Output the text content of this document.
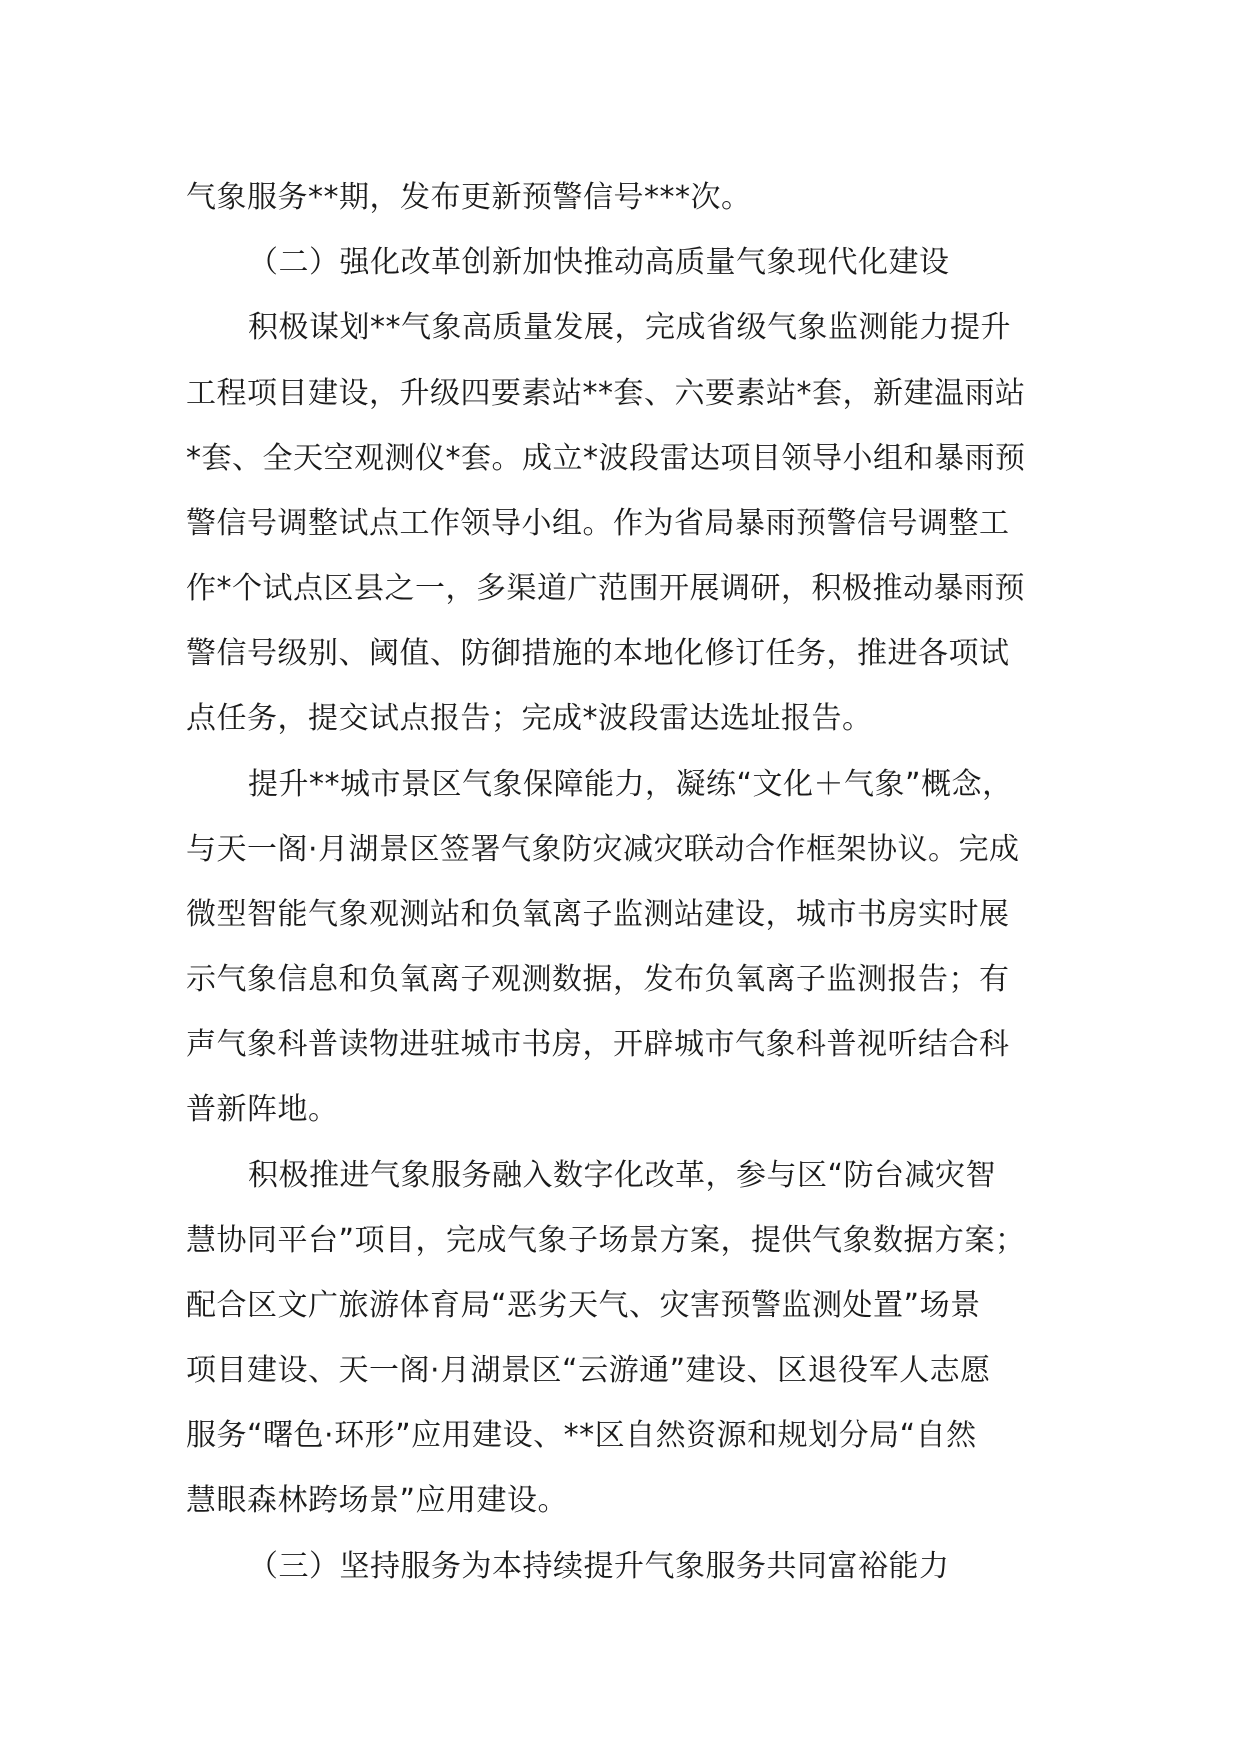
气象服务**期，发布更新预警信号***次。
（二）强化改革创新加快推动高质量气象现代化建设
积极谋划**气象高质量发展，完成省级气象监测能力提升
工程项目建设，升级四要素站**套、六要素站*套，新建温雨站
*套、全天空观测仪*套。成立*波段雷达项目领导小组和暴雨预
警信号调整试点工作领导小组。作为省局暴雨预警信号调整工
作*个试点区县之一，多渠道广范围开展调研，积极推动暴雨预
警信号级别、阈值、防御措施的本地化修订任务，推进各项试
点任务，提交试点报告；完成*波段雷达选址报告。
提升**城市景区气象保障能力，凝练“文化＋气象”概念，
与天一阁·月湖景区签署气象防灾减灾联动合作框架协议。完成
微型智能气象观测站和负氧离子监测站建设，城市书房实时展
示气象信息和负氧离子观测数据，发布负氧离子监测报告；有
声气象科普读物进驻城市书房，开辟城市气象科普视听结合科
普新阵地。
积极推进气象服务融入数字化改革，参与区“防台减灾智
慧协同平台”项目，完成气象子场景方案，提供气象数据方案；
配合区文广旅游体育局“恶劣天气、灾害预警监测处置”场景
项目建设、天一阁·月湖景区“云游通”建设、区退役军人志愿
服务“曙色·环形”应用建设、**区自然资源和规划分局“自然
慧眼森林跨场景”应用建设。
（三）坚持服务为本持续提升气象服务共同富裕能力
